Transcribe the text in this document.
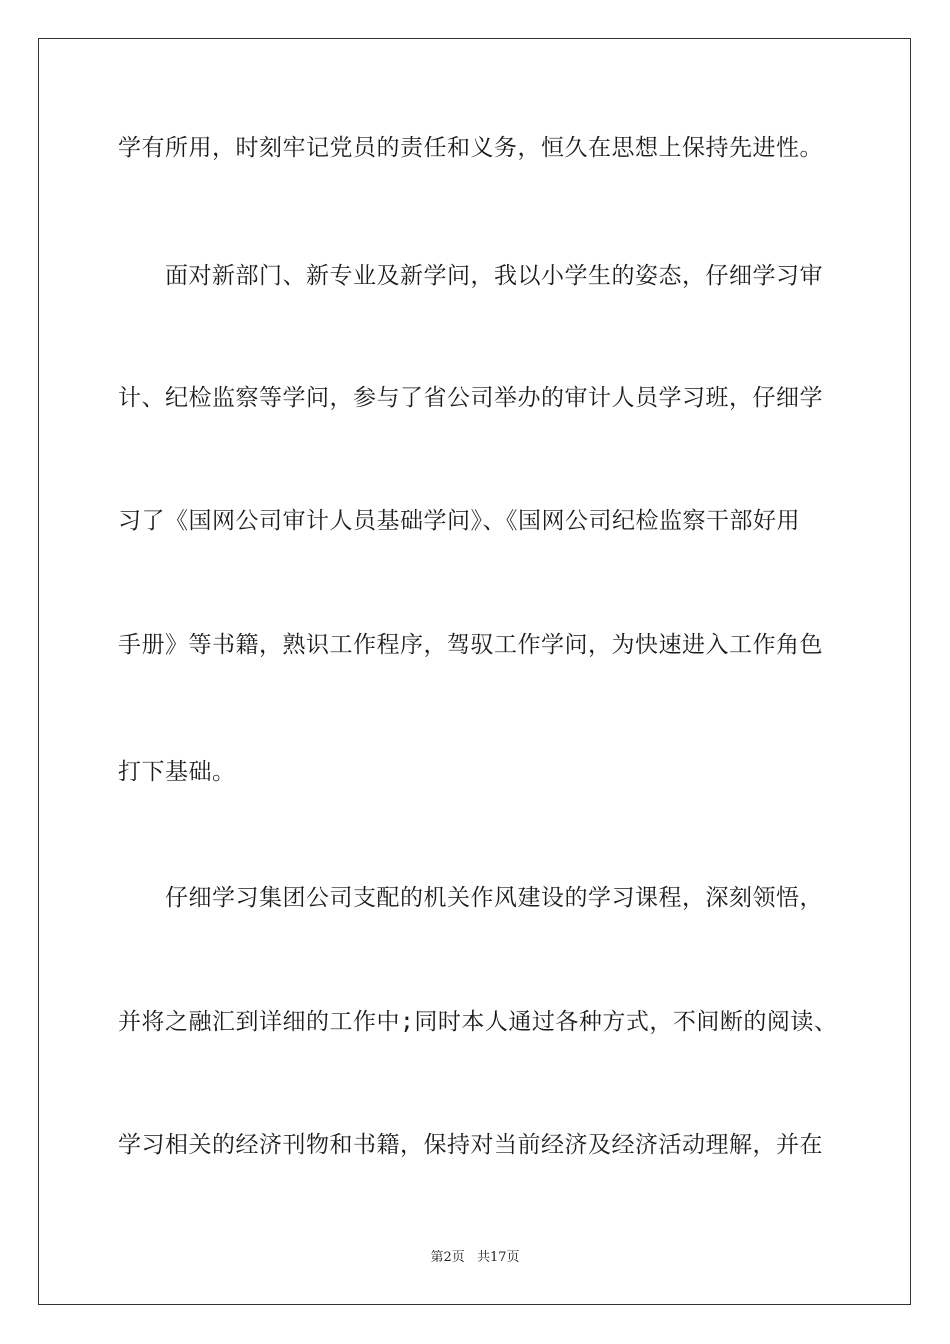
学有所用，时刻牢记党员的责任和义务，恒久在思想上保持先进性。
面对新部门、新专业及新学问，我以小学生的姿态，仔细学习审
计、纪检监察等学问，参与了省公司举办的审计人员学习班，仔细学
习了《国网公司审计人员基础学问》、《国网公司纪检监察干部好用
手册》等书籍，熟识工作程序，驾驭工作学问，为快速进入工作角色
打下基础。
仔细学习集团公司支配的机关作风建设的学习课程，深刻领悟，
并将之融汇到详细的工作中;同时本人通过各种方式，不间断的阅读、
学习相关的经济刊物和书籍，保持对当前经济及经济活动理解，并在
第2页 共17页
